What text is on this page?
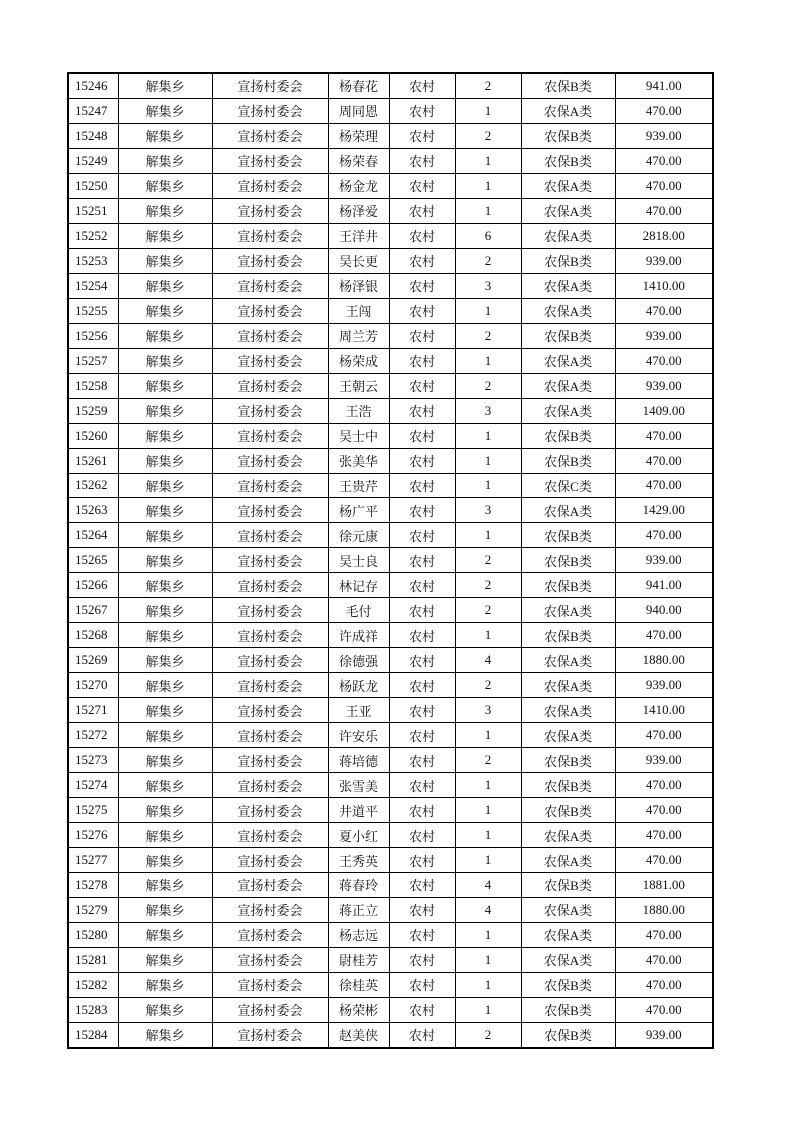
15246	解集乡	宣扬村委会	杨春花	农村	2	农保B类	941.00
15247	解集乡	宣扬村委会	周同恩	农村	1	农保A类	470.00
15248	解集乡	宣扬村委会	杨荣理	农村	2	农保B类	939.00
15249	解集乡	宣扬村委会	杨荣春	农村	1	农保B类	470.00
15250	解集乡	宣扬村委会	杨金龙	农村	1	农保A类	470.00
15251	解集乡	宣扬村委会	杨泽爱	农村	1	农保A类	470.00
15252	解集乡	宣扬村委会	王洋井	农村	6	农保A类	2818.00
15253	解集乡	宣扬村委会	吴长更	农村	2	农保B类	939.00
15254	解集乡	宣扬村委会	杨泽银	农村	3	农保A类	1410.00
15255	解集乡	宣扬村委会	王闯	农村	1	农保A类	470.00
15256	解集乡	宣扬村委会	周兰芳	农村	2	农保B类	939.00
15257	解集乡	宣扬村委会	杨荣成	农村	1	农保A类	470.00
15258	解集乡	宣扬村委会	王朝云	农村	2	农保A类	939.00
15259	解集乡	宣扬村委会	王浩	农村	3	农保A类	1409.00
15260	解集乡	宣扬村委会	吴士中	农村	1	农保B类	470.00
15261	解集乡	宣扬村委会	张美华	农村	1	农保B类	470.00
15262	解集乡	宣扬村委会	王贵芹	农村	1	农保C类	470.00
15263	解集乡	宣扬村委会	杨广平	农村	3	农保A类	1429.00
15264	解集乡	宣扬村委会	徐元康	农村	1	农保B类	470.00
15265	解集乡	宣扬村委会	吴士良	农村	2	农保B类	939.00
15266	解集乡	宣扬村委会	林记存	农村	2	农保B类	941.00
15267	解集乡	宣扬村委会	毛付	农村	2	农保A类	940.00
15268	解集乡	宣扬村委会	许成祥	农村	1	农保B类	470.00
15269	解集乡	宣扬村委会	徐德强	农村	4	农保A类	1880.00
15270	解集乡	宣扬村委会	杨跃龙	农村	2	农保A类	939.00
15271	解集乡	宣扬村委会	王亚	农村	3	农保A类	1410.00
15272	解集乡	宣扬村委会	许安乐	农村	1	农保A类	470.00
15273	解集乡	宣扬村委会	蒋培德	农村	2	农保B类	939.00
15274	解集乡	宣扬村委会	张雪美	农村	1	农保B类	470.00
15275	解集乡	宣扬村委会	井道平	农村	1	农保B类	470.00
15276	解集乡	宣扬村委会	夏小红	农村	1	农保A类	470.00
15277	解集乡	宣扬村委会	王秀英	农村	1	农保A类	470.00
15278	解集乡	宣扬村委会	蒋春玲	农村	4	农保B类	1881.00
15279	解集乡	宣扬村委会	蒋正立	农村	4	农保A类	1880.00
15280	解集乡	宣扬村委会	杨志远	农村	1	农保A类	470.00
15281	解集乡	宣扬村委会	尉桂芳	农村	1	农保A类	470.00
15282	解集乡	宣扬村委会	徐桂英	农村	1	农保B类	470.00
15283	解集乡	宣扬村委会	杨荣彬	农村	1	农保B类	470.00
15284	解集乡	宣扬村委会	赵美侠	农村	2	农保B类	939.00
